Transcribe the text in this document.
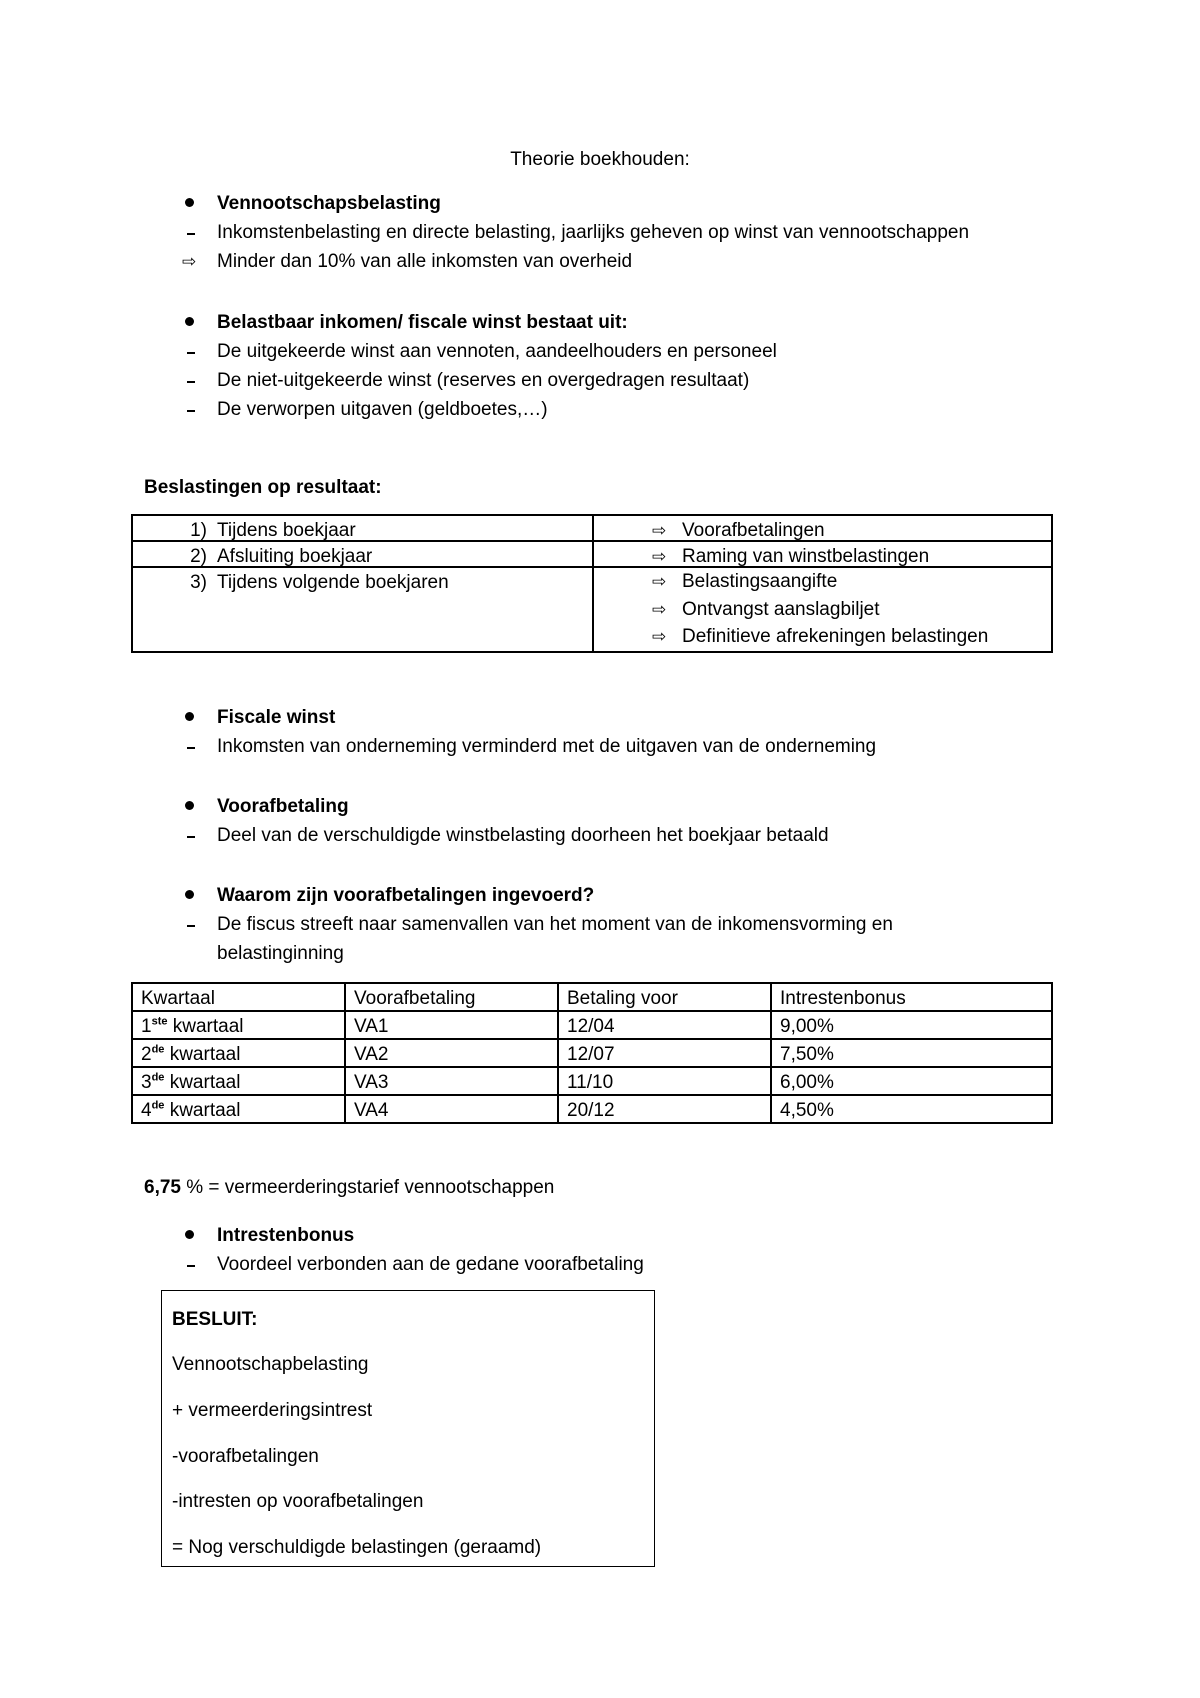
Theorie boekhouden:
Vennootschapsbelasting
Inkomstenbelasting en directe belasting, jaarlijks geheven op winst van vennootschappen
⇨ Minder dan 10% van alle inkomsten van overheid
Belastbaar inkomen/ fiscale winst bestaat uit:
De uitgekeerde winst aan vennoten, aandeelhouders en personeel
De niet-uitgekeerde winst (reserves en overgedragen resultaat)
De verworpen uitgaven (geldboetes,…)
Beslastingen op resultaat:
1) Tijdens boekjaar	⇨ Voorafbetalingen
2) Afsluiting boekjaar	⇨ Raming van winstbelastingen
3) Tijdens volgende boekjaren	⇨ Belastingsaangifte
⇨ Ontvangst aanslagbiljet
⇨ Definitieve afrekeningen belastingen
Fiscale winst
Inkomsten van onderneming verminderd met de uitgaven van de onderneming
Voorafbetaling
Deel van de verschuldigde winstbelasting doorheen het boekjaar betaald
Waarom zijn voorafbetalingen ingevoerd?
De fiscus streeft naar samenvallen van het moment van de inkomensvorming en
belastinginning
Kwartaal	Voorafbetaling	Betaling voor	Intrestenbonus
1ste kwartaal	VA1	12/04	9,00%
2de kwartaal	VA2	12/07	7,50%
3de kwartaal	VA3	11/10	6,00%
4de kwartaal	VA4	20/12	4,50%
6,75 % = vermeerderingstarief vennootschappen
Intrestenbonus
Voordeel verbonden aan de gedane voorafbetaling
BESLUIT:
Vennootschapbelasting
+ vermeerderingsintrest
-voorafbetalingen
-intresten op voorafbetalingen
= Nog verschuldigde belastingen (geraamd)
